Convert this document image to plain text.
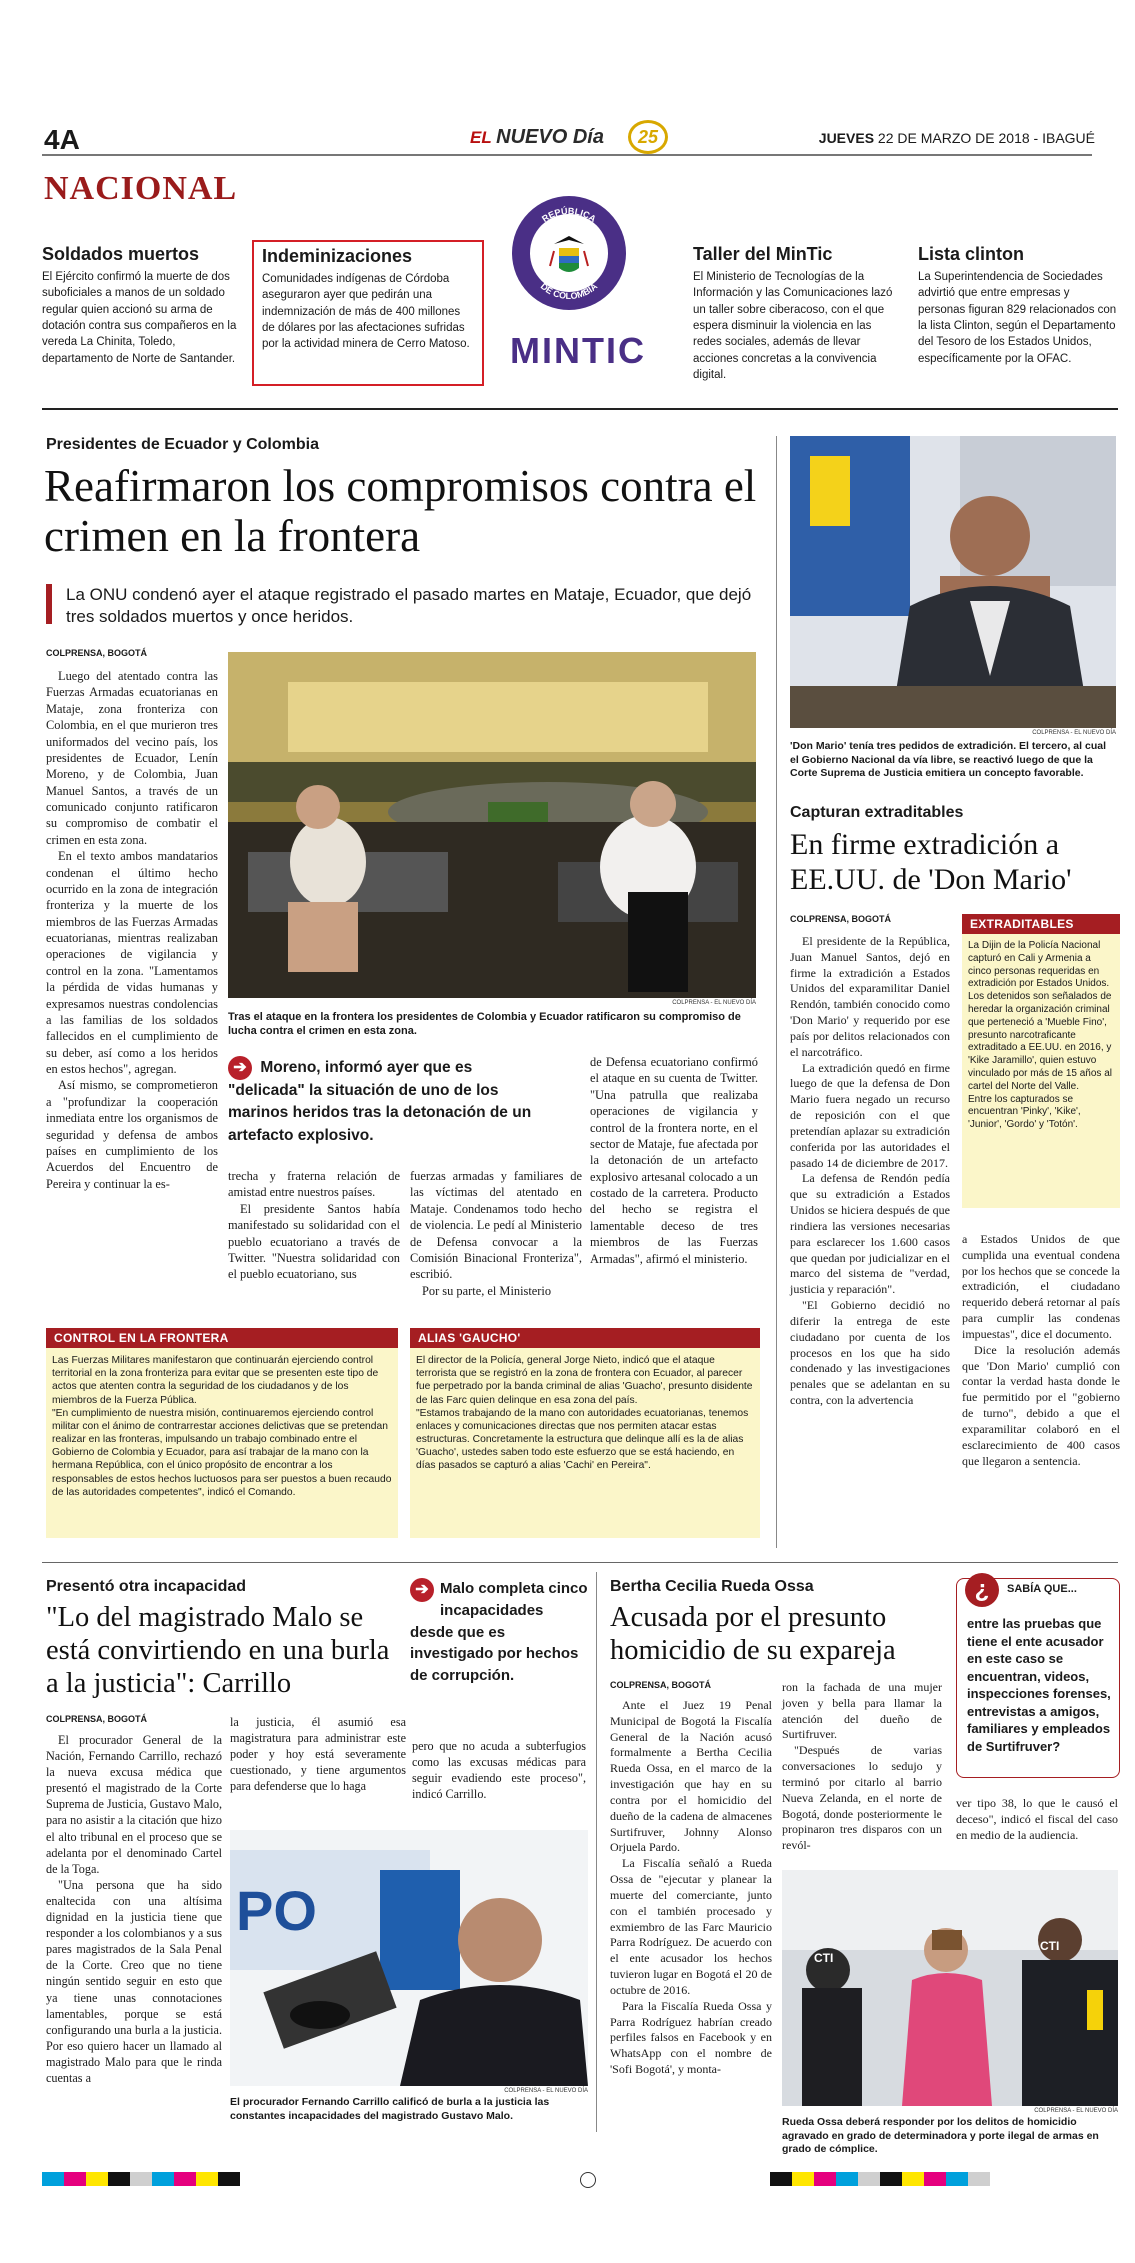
4A	EL NUEVO Día	25	JUEVES 22 DE MARZO DE 2018 - IBAGUÉ
NACIONAL
Soldados muertos

El Ejército confirmó la muerte de dos suboficiales a manos de un soldado regular quien accionó su arma de dotación contra sus compañeros en la vereda La Chinita, Toledo, departamento de Norte de Santander.

Indeminizaciones

Comunidades indígenas de Córdoba aseguraron ayer que pedirán una indemnización de más de 400 millones de dólares por las afectaciones sufridas por la actividad minera de Cerro Matoso.

REPÚBLICA
DE COLOMBIA
MINTIC
Taller del MinTic

El Ministerio de Tecnologías de la Información y las Comunicaciones lazó un taller sobre ciberacoso, con el que espera disminuir la violencia en las redes sociales, además de llevar acciones concretas a la convivencia digital.

Lista clinton

La Superintendencia de Sociedades advirtió que entre empresas y personas figuran 829 relacionados con la lista Clinton, según el Departamento del Tesoro de los Estados Unidos, específicamente por la OFAC.

Presidentes de Ecuador y Colombia
Reafirmaron los compromisos contra el crimen en la frontera
La ONU condenó ayer el ataque registrado el pasado martes en Mataje, Ecuador, que dejó tres soldados muertos y once heridos.
COLPRENSA, BOGOTÁ

Luego del atentado contra las Fuerzas Armadas ecuatorianas en Mataje, zona fronteriza con Colombia, en el que murieron tres uniformados del vecino país, los presidentes de Ecuador, Lenín Moreno, y de Colombia, Juan Manuel Santos, a través de un comunicado conjunto ratificaron su compromiso de combatir el crimen en esta zona.

En el texto ambos mandatarios condenan el último hecho ocurrido en la zona de integración fronteriza y la muerte de los miembros de las Fuerzas Armadas ecuatorianas, mientras realizaban operaciones de vigilancia y control en la zona. "Lamentamos la pérdida de vidas humanas y expresamos nuestras condolencias a las familias de los soldados fallecidos en el cumplimiento de su deber, así como a los heridos en estos hechos", agregan.

Así mismo, se comprometieron a "profundizar la cooperación inmediata entre los organismos de seguridad y defensa de ambos países en cumplimiento de los Acuerdos del Encuentro de Pereira y continuar la es-

COLPRENSA - EL NUEVO DÍA
Tras el ataque en la frontera los presidentes de Colombia y Ecuador ratificaron su compromiso de lucha contra el crimen en esta zona.
➔ Moreno, informó ayer que es "delicada" la situación de uno de los marinos heridos tras la detonación de un artefacto explosivo.

trecha y fraterna relación de amistad entre nuestros países.

El presidente Santos había manifestado su solidaridad con el pueblo ecuatoriano a través de Twitter. "Nuestra solidaridad con el pueblo ecuatoriano, sus

fuerzas armadas y familiares de las víctimas del atentado en Mataje. Condenamos todo hecho de violencia. Le pedí al Ministerio de Defensa convocar a la Comisión Binacional Fronteriza", escribió.

Por su parte, el Ministerio

de Defensa ecuatoriano confirmó el ataque en su cuenta de Twitter. "Una patrulla que realizaba operaciones de vigilancia y control de la frontera norte, en el sector de Mataje, fue afectada por la detonación de un artefacto explosivo artesanal colocado a un costado de la carretera. Producto del hecho se registra el lamentable deceso de tres miembros de las Fuerzas Armadas", afirmó el ministerio.

CONTROL EN LA FRONTERA

Las Fuerzas Militares manifestaron que continuarán ejerciendo control territorial en la zona fronteriza para evitar que se presenten este tipo de actos que atenten contra la seguridad de los ciudadanos y de los miembros de la Fuerza Pública.

"En cumplimiento de nuestra misión, continuaremos ejerciendo control militar con el ánimo de contrarrestar acciones delictivas que se pretendan realizar en las fronteras, impulsando un trabajo combinado entre el Gobierno de Colombia y Ecuador, para así trabajar de la mano con la hermana República, con el único propósito de encontrar a los responsables de estos hechos luctuosos para ser puestos a buen recaudo de las autoridades competentes", indicó el Comando.

ALIAS 'GAUCHO'

El director de la Policía, general Jorge Nieto, indicó que el ataque terrorista que se registró en la zona de frontera con Ecuador, al parecer fue perpetrado por la banda criminal de alias 'Guacho', presunto disidente de las Farc quien delinque en esa zona del país.

"Estamos trabajando de la mano con autoridades ecuatorianas, tenemos enlaces y comunicaciones directas que nos permiten atacar estas estructuras. Concretamente la estructura que delinque allí es la de alias 'Guacho', ustedes saben todo este esfuerzo que se está haciendo, en días pasados se capturó a alias 'Cachi' en Pereira".

COLPRENSA - EL NUEVO DÍA
'Don Mario' tenía tres pedidos de extradición. El tercero, al cual el Gobierno Nacional da vía libre, se reactivó luego de que la Corte Suprema de Justicia emitiera un concepto favorable.
Capturan extraditables
En firme extradición a EE.UU. de 'Don Mario'
COLPRENSA, BOGOTÁ

El presidente de la República, Juan Manuel Santos, dejó en firme la extradición a Estados Unidos del exparamilitar Daniel Rendón, también conocido como 'Don Mario' y requerido por ese país por delitos relacionados con el narcotráfico.

La extradición quedó en firme luego de que la defensa de Don Mario fuera negado un recurso de reposición con el que pretendían aplazar su extradición conferida por las autoridades el pasado 14 de diciembre de 2017.

La defensa de Rendón pedía que su extradición a Estados Unidos se hiciera después de que rindiera las versiones necesarias para esclarecer los 1.600 casos que quedan por judicializar en el marco del sistema de "verdad, justicia y reparación".

"El Gobierno decidió no diferir la entrega de este ciudadano por cuenta de los procesos en los que ha sido condenado y las investigaciones penales que se adelantan en su contra, con la advertencia

EXTRADITABLES

La Dijin de la Policía Nacional capturó en Cali y Armenia a cinco personas requeridas en extradición por Estados Unidos. Los detenidos son señalados de heredar la organización criminal que perteneció a 'Mueble Fino', presunto narcotraficante extraditado a EE.UU. en 2016, y 'Kike Jaramillo', quien estuvo vinculado por más de 15 años al cartel del Norte del Valle.

Entre los capturados se encuentran 'Pinky', 'Kike', 'Junior', 'Gordo' y 'Totón'.

a Estados Unidos de que cumplida una eventual condena por los hechos que se concede la extradición, el ciudadano requerido deberá retornar al país para cumplir las condenas impuestas", dice el documento.

Dice la resolución además que 'Don Mario' cumplió con contar la verdad hasta donde le fue permitido por el "gobierno de turno", debido a que el exparamilitar colaboró en el esclarecimiento de 400 casos que llegaron a sentencia.

Presentó otra incapacidad
"Lo del magistrado Malo se está convirtiendo en una burla a la justicia": Carrillo
COLPRENSA, BOGOTÁ

El procurador General de la Nación, Fernando Carrillo, rechazó la nueva excusa médica que presentó el magistrado de la Corte Suprema de Justicia, Gustavo Malo, para no asistir a la citación que hizo el alto tribunal en el proceso que se adelanta por el denominado Cartel de la Toga.

"Una persona que ha sido enaltecida con una altísima dignidad en la justicia tiene que responder a los colombianos y a sus pares magistrados de la Sala Penal de la Corte. Creo que no tiene ningún sentido seguir en esto que ya tiene unas connotaciones lamentables, porque se está configurando una burla a la justicia. Por eso quiero hacer un llamado al magistrado Malo para que le rinda cuentas a

la justicia, él asumió esa magistratura para administrar este poder y hoy está severamente cuestionado, y tiene argumentos para defenderse que lo haga

➔ Malo completa cinco incapacidades desde que es investigado por hechos de corrupción.

pero que no acuda a subterfugios como las excusas médicas para seguir evadiendo este proceso", indicó Carrillo.

PO
COLPRENSA - EL NUEVO DÍA
El procurador Fernando Carrillo calificó de burla a la justicia las constantes incapacidades del magistrado Gustavo Malo.
Bertha Cecilia Rueda Ossa
Acusada por el presunto homicidio de su expareja
COLPRENSA, BOGOTÁ

Ante el Juez 19 Penal Municipal de Bogotá la Fiscalía General de la Nación acusó formalmente a Bertha Cecilia Rueda Ossa, en el marco de la investigación que hay en su contra por el homicidio del dueño de la cadena de almacenes Surtifruver, Johnny Alonso Orjuela Pardo.

La Fiscalía señaló a Rueda Ossa de "ejecutar y planear la muerte del comerciante, junto con el también procesado y exmiembro de las Farc Mauricio Parra Rodríguez. De acuerdo con el ente acusador los hechos tuvieron lugar en Bogotá el 20 de octubre de 2016.

Para la Fiscalía Rueda Ossa y Parra Rodríguez habrían creado perfiles falsos en Facebook y en WhatsApp con el nombre de 'Sofi Bogotá', y monta-

ron la fachada de una mujer joven y bella para llamar la atención del dueño de Surtifruver.

"Después de varias conversaciones lo sedujo y terminó por citarlo al barrio Nueva Zelanda, en el norte de Bogotá, donde posteriormente le propinaron tres disparos con un revól-

¿	SABÍA QUE...
entre las pruebas que tiene el ente acusador en este caso se encuentran, videos, inspecciones forenses, entrevistas a amigos, familiares y empleados de Surtifruver?

ver tipo 38, lo que le causó el deceso", indicó el fiscal del caso en medio de la audiencia.

CTI
CTI
COLPRENSA - EL NUEVO DÍA
Rueda Ossa deberá responder por los delitos de homicidio agravado en grado de determinadora y porte ilegal de armas en grado de cómplice.
